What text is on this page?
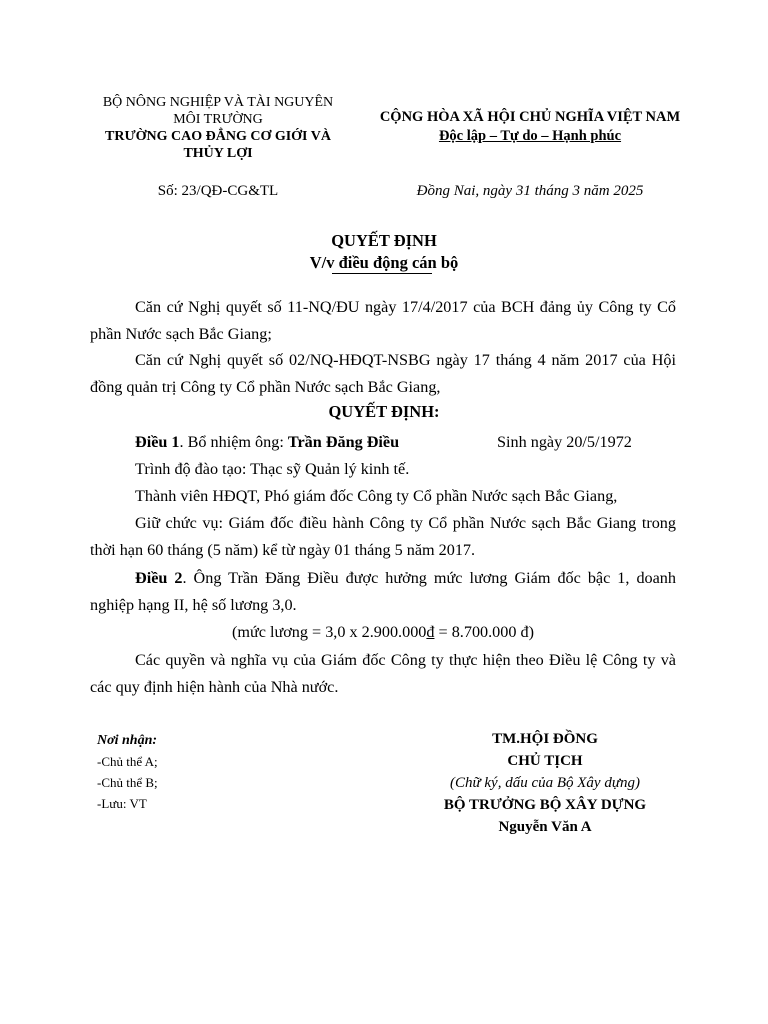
BỘ NÔNG NGHIỆP VÀ TÀI NGUYÊN
MÔI TRƯỜNG
TRƯỜNG CAO ĐẲNG CƠ GIỚI VÀ
THỦY LỢI
CỘNG HÒA XÃ HỘI CHỦ NGHĨA VIỆT NAM
Độc lập – Tự do – Hạnh phúc
Số: 23/QĐ-CG&TL	Đồng Nai, ngày 31 tháng 3 năm 2025
QUYẾT ĐỊNH
V/v điều động cán bộ
Căn cứ Nghị quyết số 11-NQ/ĐU ngày 17/4/2017 của BCH đảng ủy Công ty Cổ phần Nước sạch Bắc Giang;
Căn cứ Nghị quyết số 02/NQ-HĐQT-NSBG ngày 17 tháng 4 năm 2017 của Hội đồng quản trị Công ty Cổ phần Nước sạch Bắc Giang,
QUYẾT ĐỊNH:
Điều 1. Bổ nhiệm ông: Trần Đăng Điều	Sinh ngày 20/5/1972
Trình độ đào tạo: Thạc sỹ Quản lý kinh tế.
Thành viên HĐQT, Phó giám đốc Công ty Cổ phần Nước sạch Bắc Giang,
Giữ chức vụ: Giám đốc điều hành Công ty Cổ phần Nước sạch Bắc Giang trong thời hạn 60 tháng (5 năm) kể từ ngày 01 tháng 5 năm 2017.
Điều 2. Ông Trần Đăng Điều được hưởng mức lương Giám đốc bậc 1, doanh nghiệp hạng II, hệ số lương 3,0.
(mức lương = 3,0 x 2.900.000đ = 8.700.000 đ)
Các quyền và nghĩa vụ của Giám đốc Công ty thực hiện theo Điều lệ Công ty và các quy định hiện hành của Nhà nước.
Nơi nhận:
-Chủ thể A;
-Chủ thể B;
-Lưu: VT
TM.HỘI ĐỒNG
CHỦ TỊCH
(Chữ ký, dấu của Bộ Xây dựng)
BỘ TRƯỞNG BỘ XÂY DỰNG
Nguyễn Văn A
